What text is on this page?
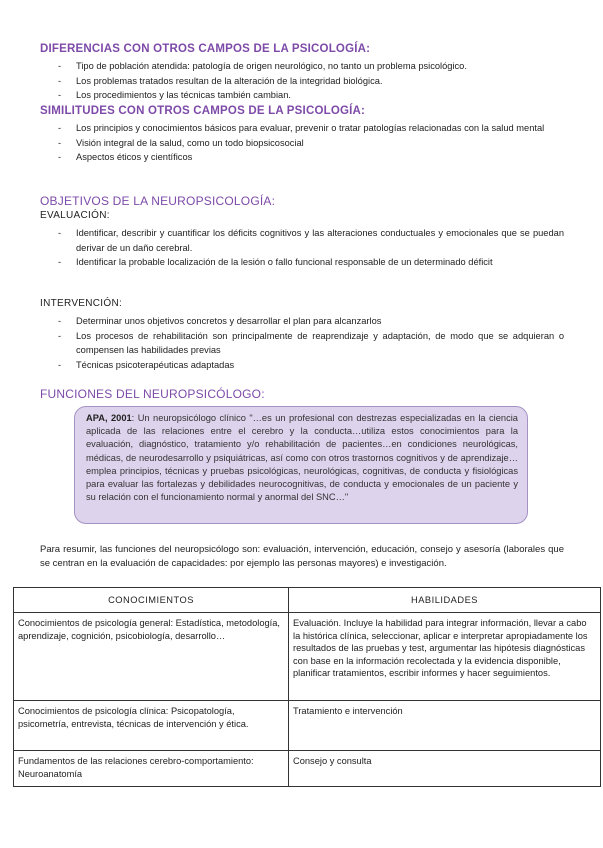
DIFERENCIAS CON OTROS CAMPOS DE LA PSICOLOGÍA:
- Tipo de población atendida: patología de origen neurológico, no tanto un problema psicológico.
- Los problemas tratados resultan de la alteración de la integridad biológica.
- Los procedimientos y las técnicas también cambian.
SIMILITUDES CON OTROS CAMPOS DE LA PSICOLOGÍA:
- Los principios y conocimientos básicos para evaluar, prevenir o tratar patologías relacionadas con la salud mental
- Visión integral de la salud, como un todo biopsicosocial
- Aspectos éticos y científicos
OBJETIVOS DE LA NEUROPSICOLOGÍA:
EVALUACIÓN:
- Identificar, describir y cuantificar los déficits cognitivos y las alteraciones conductuales y emocionales que se puedan derivar de un daño cerebral.
- Identificar la probable localización de la lesión o fallo funcional responsable de un determinado déficit
INTERVENCIÓN:
- Determinar unos objetivos concretos y desarrollar el plan para alcanzarlos
- Los procesos de rehabilitación son principalmente de reaprendizaje y adaptación, de modo que se adquieran o compensen las habilidades previas
- Técnicas psicoterapéuticas adaptadas
FUNCIONES DEL NEUROPSICÓLOGO:
APA, 2001: Un neuropsicólogo clínico "…es un profesional con destrezas especializadas en la ciencia aplicada de las relaciones entre el cerebro y la conducta…utiliza estos conocimientos para la evaluación, diagnóstico, tratamiento y/o rehabilitación de pacientes…en condiciones neurológicas, médicas, de neurodesarrollo y psiquiátricas, así como con otros trastornos cognitivos y de aprendizaje…emplea principios, técnicas y pruebas psicológicas, neurológicas, cognitivas, de conducta y fisiológicas para evaluar las fortalezas y debilidades neurocognitivas, de conducta y emocionales de un paciente y su relación con el funcionamiento normal y anormal del SNC…"
Para resumir, las funciones del neuropsicólogo son: evaluación, intervención, educación, consejo y asesoría (laborales que se centran en la evaluación de capacidades: por ejemplo las personas mayores) e investigación.
CONOCIMIENTOS	HABILIDADES
Conocimientos de psicología general: Estadística, metodología, aprendizaje, cognición, psicobiología, desarrollo…	Evaluación. Incluye la habilidad para integrar información, llevar a cabo la histórica clínica, seleccionar, aplicar e interpretar apropiadamente los resultados de las pruebas y test, argumentar las hipótesis diagnósticas con base en la información recolectada y la evidencia disponible, planificar tratamientos, escribir informes y hacer seguimientos.
Conocimientos de psicología clínica: Psicopatología, psicometría, entrevista, técnicas de intervención y ética.	Tratamiento e intervención
Fundamentos de las relaciones cerebro-comportamiento: Neuroanatomía	Consejo y consulta
